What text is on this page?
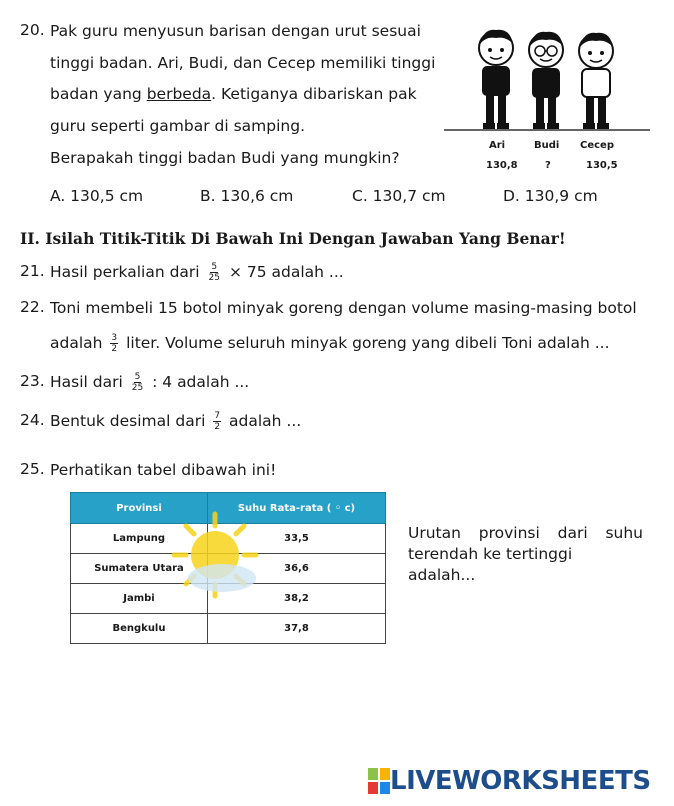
20. Pak guru menyusun barisan dengan urut sesuai
tinggi badan. Ari, Budi, dan Cecep memiliki tinggi
badan yang berbeda. Ketiganya dibariskan pak
guru seperti gambar di samping.
Berapakah tinggi badan Budi yang mungkin?
Ari	Budi Cecep
130,8	?	130,5
A. 130,5 cm	B. 130,6 cm	C. 130,7 cm	D. 130,9 cm
II. Isilah Titik-Titik Di Bawah Ini Dengan Jawaban Yang Benar!
21. Hasil perkalian dari $\frac{5}{25} \times 75$ adalah ...
22. Toni membeli 15 botol minyak goreng dengan volume masing-masing botol
adalah $\frac{3}{2}$ liter. Volume seluruh minyak goreng yang dibeli Toni adalah ...
23. Hasil dari $\frac{5}{25}$ : 4 adalah ...
24. Bentuk desimal dari $\frac{7}{2}$ adalah ...
25. Perhatikan tabel dibawah ini!
Provinsi	Suhu Rata-rata ( ◦ c)
Lampung	33,5
Sumatera Utara	36,6
Jambi	38,2
Bengkulu	37,8
Urutan provinsi dari suhu
terendah ke tertinggi adalah...
LIVEWORKSHEETS
